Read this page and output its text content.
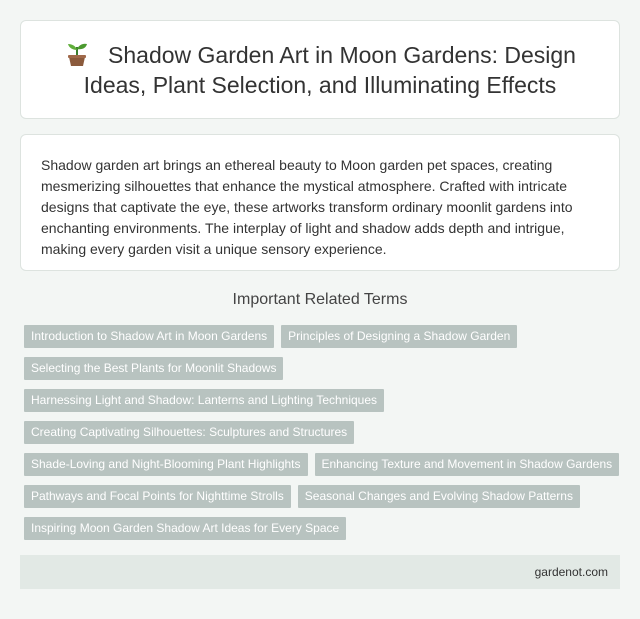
Shadow Garden Art in Moon Gardens: Design Ideas, Plant Selection, and Illuminating Effects

Shadow garden art brings an ethereal beauty to Moon garden pet spaces, creating mesmerizing silhouettes that enhance the mystical atmosphere. Crafted with intricate designs that captivate the eye, these artworks transform ordinary moonlit gardens into enchanting environments. The interplay of light and shadow adds depth and intrigue, making every garden visit a unique sensory experience.

Important Related Terms
Introduction to Shadow Art in Moon Gardens	Principles of Designing a Shadow Garden
Selecting the Best Plants for Moonlit Shadows
Harnessing Light and Shadow: Lanterns and Lighting Techniques
Creating Captivating Silhouettes: Sculptures and Structures
Shade-Loving and Night-Blooming Plant Highlights	Enhancing Texture and Movement in Shadow Gardens
Pathways and Focal Points for Nighttime Strolls	Seasonal Changes and Evolving Shadow Patterns
Inspiring Moon Garden Shadow Art Ideas for Every Space
gardenot.com
